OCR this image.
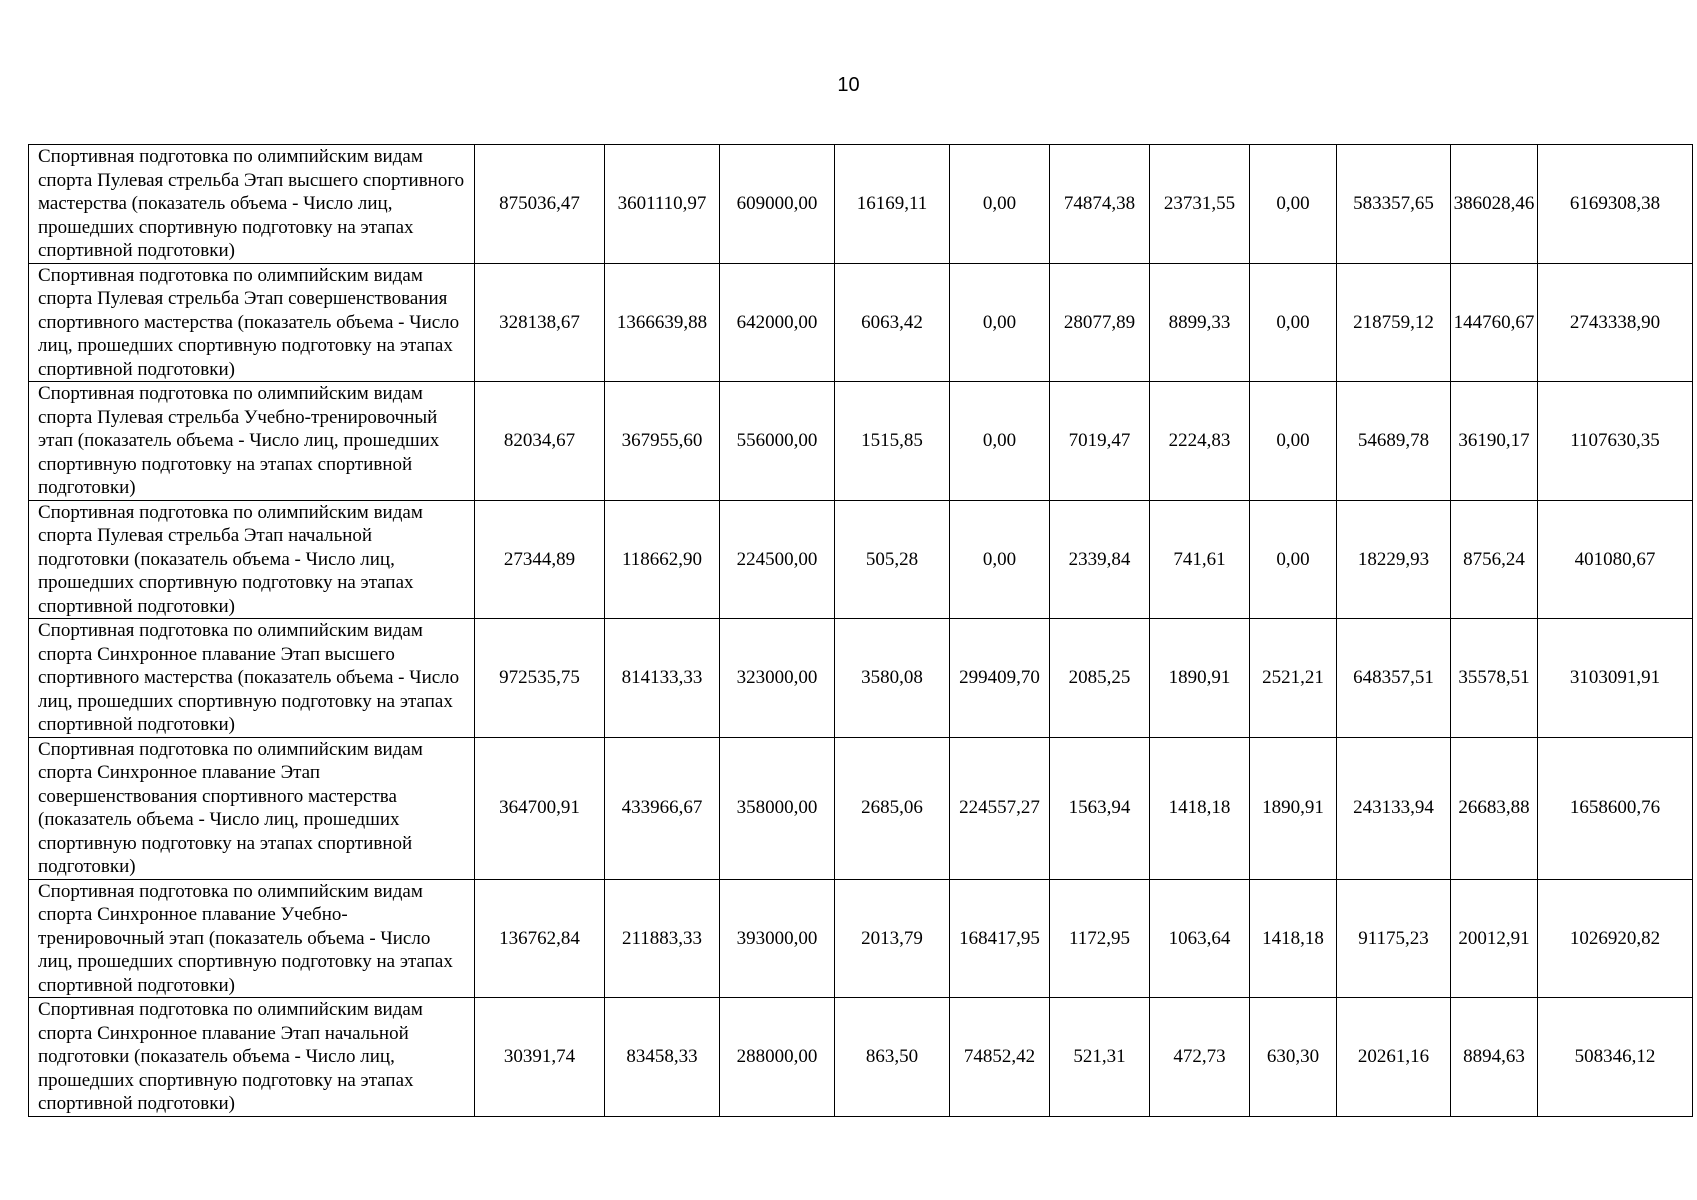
10
Спортивная подготовка по олимпийским видам спорта Пулевая стрельба Этап высшего спортивного мастерства (показатель объема - Число лиц, прошедших спортивную подготовку на этапах спортивной подготовки)	875036,47	3601110,97	609000,00	16169,11	0,00	74874,38	23731,55	0,00	583357,65	386028,46	6169308,38
Спортивная подготовка по олимпийским видам спорта Пулевая стрельба Этап совершенствования спортивного мастерства (показатель объема - Число лиц, прошедших спортивную подготовку на этапах спортивной подготовки)	328138,67	1366639,88	642000,00	6063,42	0,00	28077,89	8899,33	0,00	218759,12	144760,67	2743338,90
Спортивная подготовка по олимпийским видам спорта Пулевая стрельба Учебно-тренировочный этап (показатель объема - Число лиц, прошедших спортивную подготовку на этапах спортивной подготовки)	82034,67	367955,60	556000,00	1515,85	0,00	7019,47	2224,83	0,00	54689,78	36190,17	1107630,35
Спортивная подготовка по олимпийским видам спорта Пулевая стрельба Этап начальной подготовки (показатель объема - Число лиц, прошедших спортивную подготовку на этапах спортивной подготовки)	27344,89	118662,90	224500,00	505,28	0,00	2339,84	741,61	0,00	18229,93	8756,24	401080,67
Спортивная подготовка по олимпийским видам спорта Синхронное плавание Этап высшего спортивного мастерства (показатель объема - Число лиц, прошедших спортивную подготовку на этапах спортивной подготовки)	972535,75	814133,33	323000,00	3580,08	299409,70	2085,25	1890,91	2521,21	648357,51	35578,51	3103091,91
Спортивная подготовка по олимпийским видам спорта Синхронное плавание Этап совершенствования спортивного мастерства (показатель объема - Число лиц, прошедших спортивную подготовку на этапах спортивной подготовки)	364700,91	433966,67	358000,00	2685,06	224557,27	1563,94	1418,18	1890,91	243133,94	26683,88	1658600,76
Спортивная подготовка по олимпийским видам спорта Синхронное плавание Учебно-тренировочный этап (показатель объема - Число лиц, прошедших спортивную подготовку на этапах спортивной подготовки)	136762,84	211883,33	393000,00	2013,79	168417,95	1172,95	1063,64	1418,18	91175,23	20012,91	1026920,82
Спортивная подготовка по олимпийским видам спорта Синхронное плавание Этап начальной подготовки (показатель объема - Число лиц, прошедших спортивную подготовку на этапах спортивной подготовки)	30391,74	83458,33	288000,00	863,50	74852,42	521,31	472,73	630,30	20261,16	8894,63	508346,12
